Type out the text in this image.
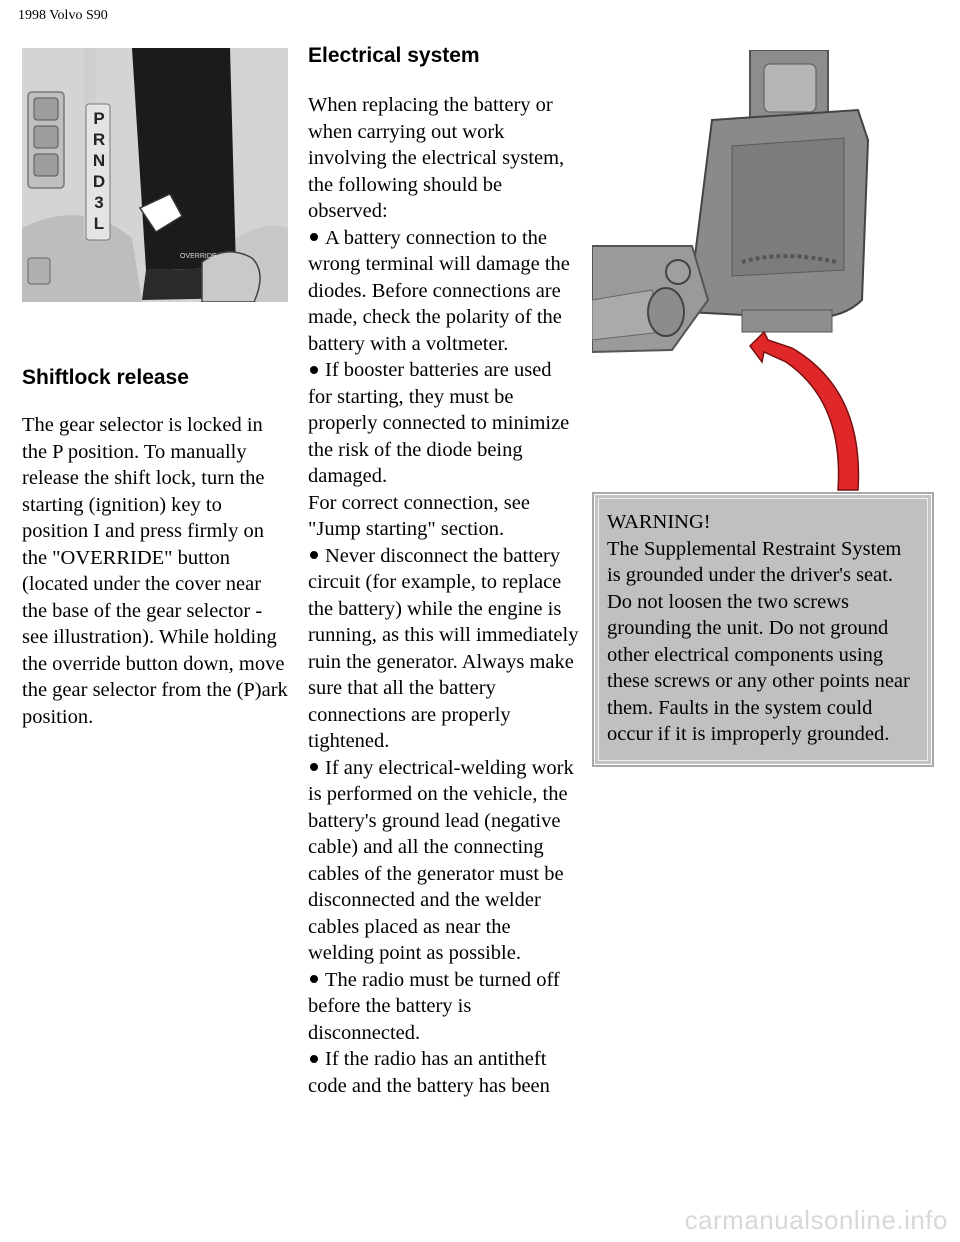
1998 Volvo S90
OVERRIDE
P
R
N
D
3
L
Shiftlock release

The gear selector is locked in the P position. To manually release the shift lock, turn the starting (ignition) key to position I and press firmly on the "OVERRIDE" button (located under the cover near the base of the gear selector - see illustration). While holding the override button down, move the gear selector from the (P)ark position.

Electrical system

When replacing the battery or when carrying out work involving the electrical system, the following should be observed:

A battery connection to the wrong terminal will damage the diodes. Before connections are made, check the polarity of the battery with a voltmeter.
If booster batteries are used for starting, they must be properly connected to minimize the risk of the diode being damaged.
For correct connection, see "Jump starting" section.
Never disconnect the battery circuit (for example, to replace the battery) while the engine is running, as this will immediately ruin the generator. Always make sure that all the battery connections are properly tightened.
If any electrical-welding work is performed on the vehicle, the battery's ground lead (negative cable) and all the connecting cables of the generator must be disconnected and the welder cables placed as near the welding point as possible.
The radio must be turned off before the battery is disconnected.
If the radio has an antitheft code and the battery has been
WARNING!
The Supplemental Restraint System is grounded under the driver's seat. Do not loosen the two screws grounding the unit. Do not ground other electrical components using these screws or any other points near them. Faults in the system could occur if it is improperly grounded.
carmanualsonline.info
